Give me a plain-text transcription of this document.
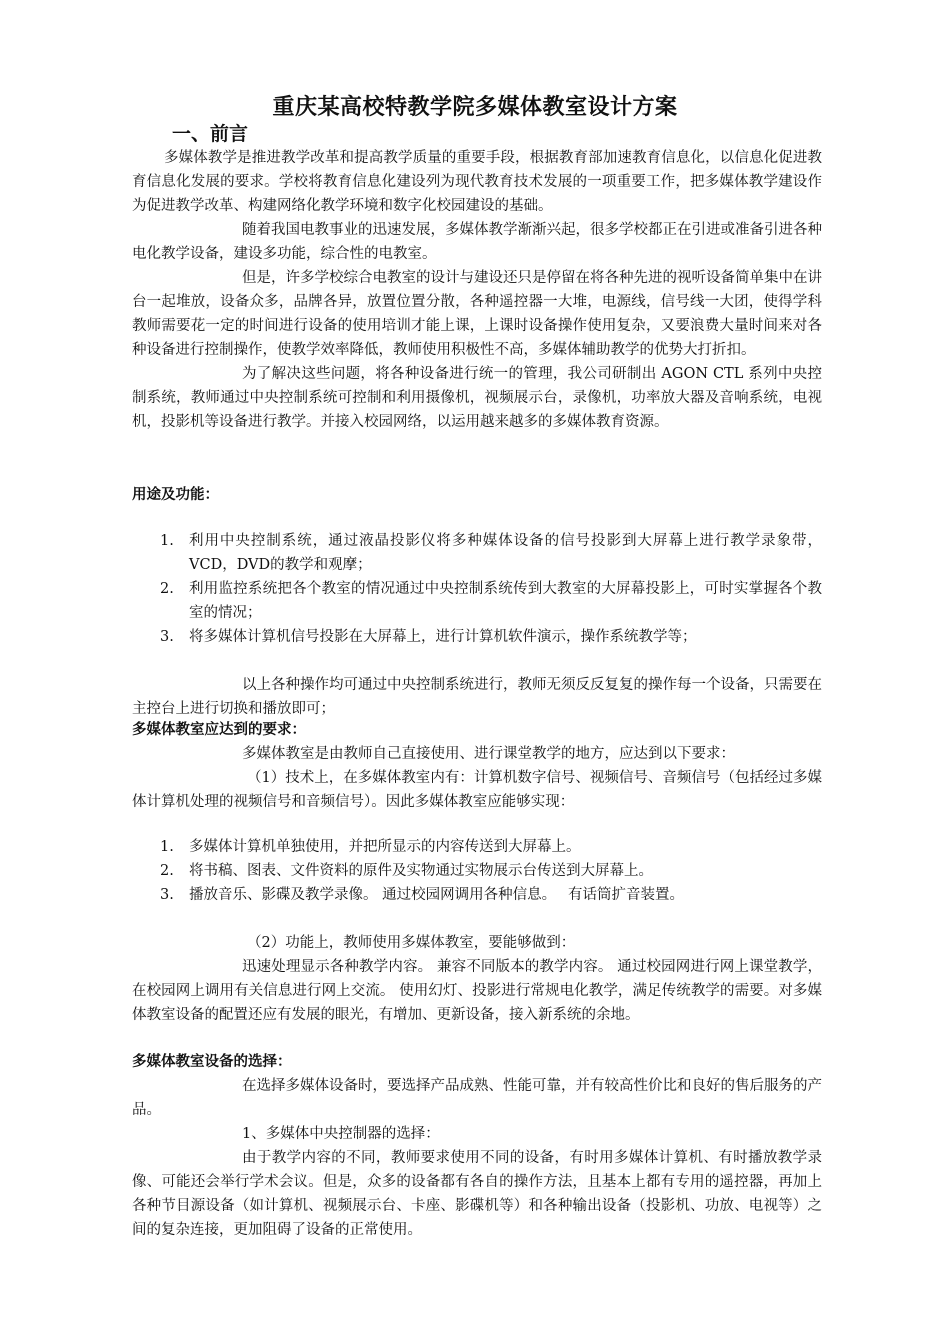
重庆某高校特教学院多媒体教室设计方案
一、前言

多媒体教学是推进教学改革和提高教学质量的重要手段，根据教育部加速教育信息化，以信息化促进教育信息化发展的要求。学校将教育信息化建设列为现代教育技术发展的一项重要工作，把多媒体教学建设作为促进教学改革、构建网络化教学环境和数字化校园建设的基础。

随着我国电教事业的迅速发展，多媒体教学渐渐兴起，很多学校都正在引进或准备引进各种电化教学设备，建设多功能，综合性的电教室。

但是，许多学校综合电教室的设计与建设还只是停留在将各种先进的视听设备简单集中在讲台一起堆放，设备众多，品牌各异，放置位置分散，各种遥控器一大堆，电源线，信号线一大团，使得学科教师需要花一定的时间进行设备的使用培训才能上课，上课时设备操作使用复杂，又要浪费大量时间来对各种设备进行控制操作，使教学效率降低，教师使用积极性不高，多媒体辅助教学的优势大打折扣。

为了解决这些问题，将各种设备进行统一的管理，我公司研制出 AGON CTL 系列中央控制系统，教师通过中央控制系统可控制和利用摄像机，视频展示台，录像机，功率放大器及音响系统，电视机，投影机等设备进行教学。并接入校园网络，以运用越来越多的多媒体教育资源。

用途及功能：
1. 利用中央控制系统，通过液晶投影仪将多种媒体设备的信号投影到大屏幕上进行教学录象带，VCD，DVD的教学和观摩；
2. 利用监控系统把各个教室的情况通过中央控制系统传到大教室的大屏幕投影上，可时实掌握各个教室的情况；
3. 将多媒体计算机信号投影在大屏幕上，进行计算机软件演示，操作系统教学等；

以上各种操作均可通过中央控制系统进行，教师无须反反复复的操作每一个设备，只需要在主控台上进行切换和播放即可；

多媒体教室应达到的要求：

多媒体教室是由教师自己直接使用、进行课堂教学的地方，应达到以下要求：

（1）技术上，在多媒体教室内有：计算机数字信号、视频信号、音频信号（包括经过多媒体计算机处理的视频信号和音频信号）。因此多媒体教室应能够实现：

1. 多媒体计算机单独使用，并把所显示的内容传送到大屏幕上。
2. 将书稿、图表、文件资料的原件及实物通过实物展示台传送到大屏幕上。
3. 播放音乐、影碟及教学录像。 通过校园网调用各种信息。　 有话筒扩音装置。

（2）功能上，教师使用多媒体教室，要能够做到：

迅速处理显示各种教学内容。 兼容不同版本的教学内容。 通过校园网进行网上课堂教学，在校园网上调用有关信息进行网上交流。 使用幻灯、投影进行常规电化教学，满足传统教学的需要。对多媒体教室设备的配置还应有发展的眼光，有增加、更新设备，接入新系统的余地。

多媒体教室设备的选择：

在选择多媒体设备时，要选择产品成熟、性能可靠，并有较高性价比和良好的售后服务的产品。

1、多媒体中央控制器的选择：

由于教学内容的不同，教师要求使用不同的设备，有时用多媒体计算机、有时播放教学录像、可能还会举行学术会议。但是，众多的设备都有各自的操作方法，且基本上都有专用的遥控器，再加上各种节目源设备（如计算机、视频展示台、卡座、影碟机等）和各种输出设备（投影机、功放、电视等）之间的复杂连接，更加阻碍了设备的正常使用。
